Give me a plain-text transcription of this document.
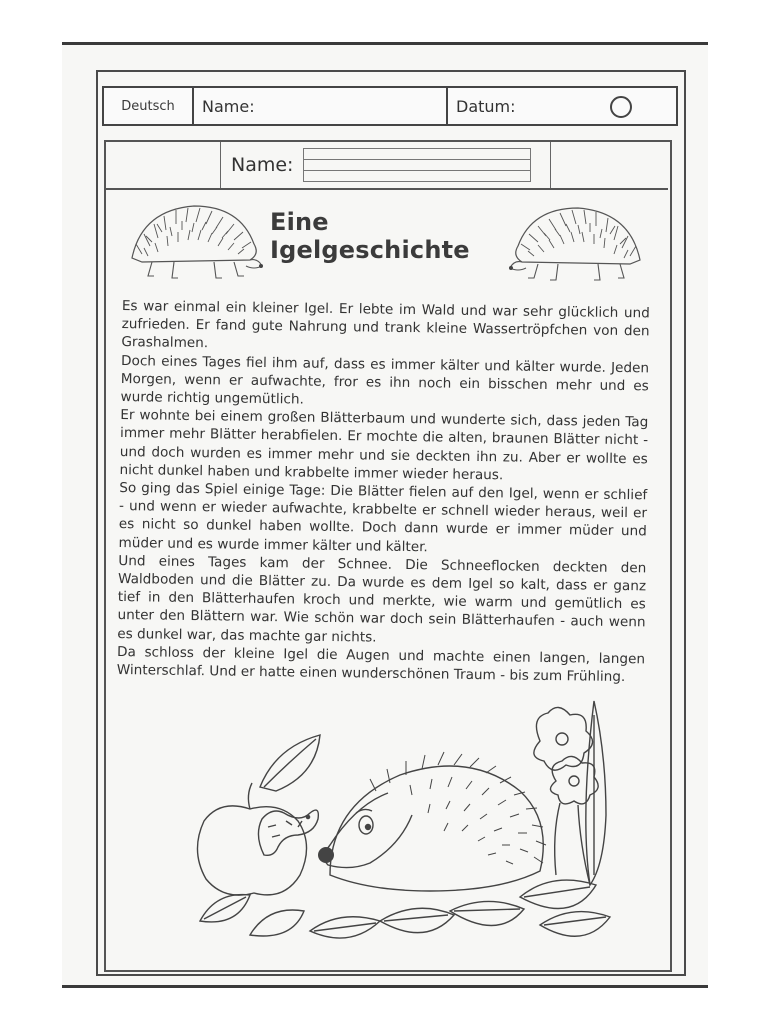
Deutsch	Name:	Datum:
Name:
Eine Igelgeschichte

Es war einmal ein kleiner Igel. Er lebte im Wald und war sehr glücklich und zufrieden. Er fand gute Nahrung und trank kleine Wassertröpfchen von den Grashalmen.

Doch eines Tages fiel ihm auf, dass es immer kälter und kälter wurde. Jeden Morgen, wenn er aufwachte, fror es ihn noch ein bisschen mehr und es wurde richtig ungemütlich.

Er wohnte bei einem großen Blätterbaum und wunderte sich, dass jeden Tag immer mehr Blätter herabfielen. Er mochte die alten, braunen Blätter nicht - und doch wurden es immer mehr und sie deckten ihn zu. Aber er wollte es nicht dunkel haben und krabbelte immer wieder heraus.

So ging das Spiel einige Tage: Die Blätter fielen auf den Igel, wenn er schlief - und wenn er wieder aufwachte, krabbelte er schnell wieder heraus, weil er es nicht so dunkel haben wollte. Doch dann wurde er immer müder und müder und es wurde immer kälter und kälter.

Und eines Tages kam der Schnee. Die Schneeflocken deckten den Waldboden und die Blätter zu. Da wurde es dem Igel so kalt, dass er ganz tief in den Blätterhaufen kroch und merkte, wie warm und gemütlich es unter den Blättern war. Wie schön war doch sein Blätterhaufen - auch wenn es dunkel war, das machte gar nichts.

Da schloss der kleine Igel die Augen und machte einen langen, langen Winterschlaf. Und er hatte einen wunderschönen Traum - bis zum Frühling.
